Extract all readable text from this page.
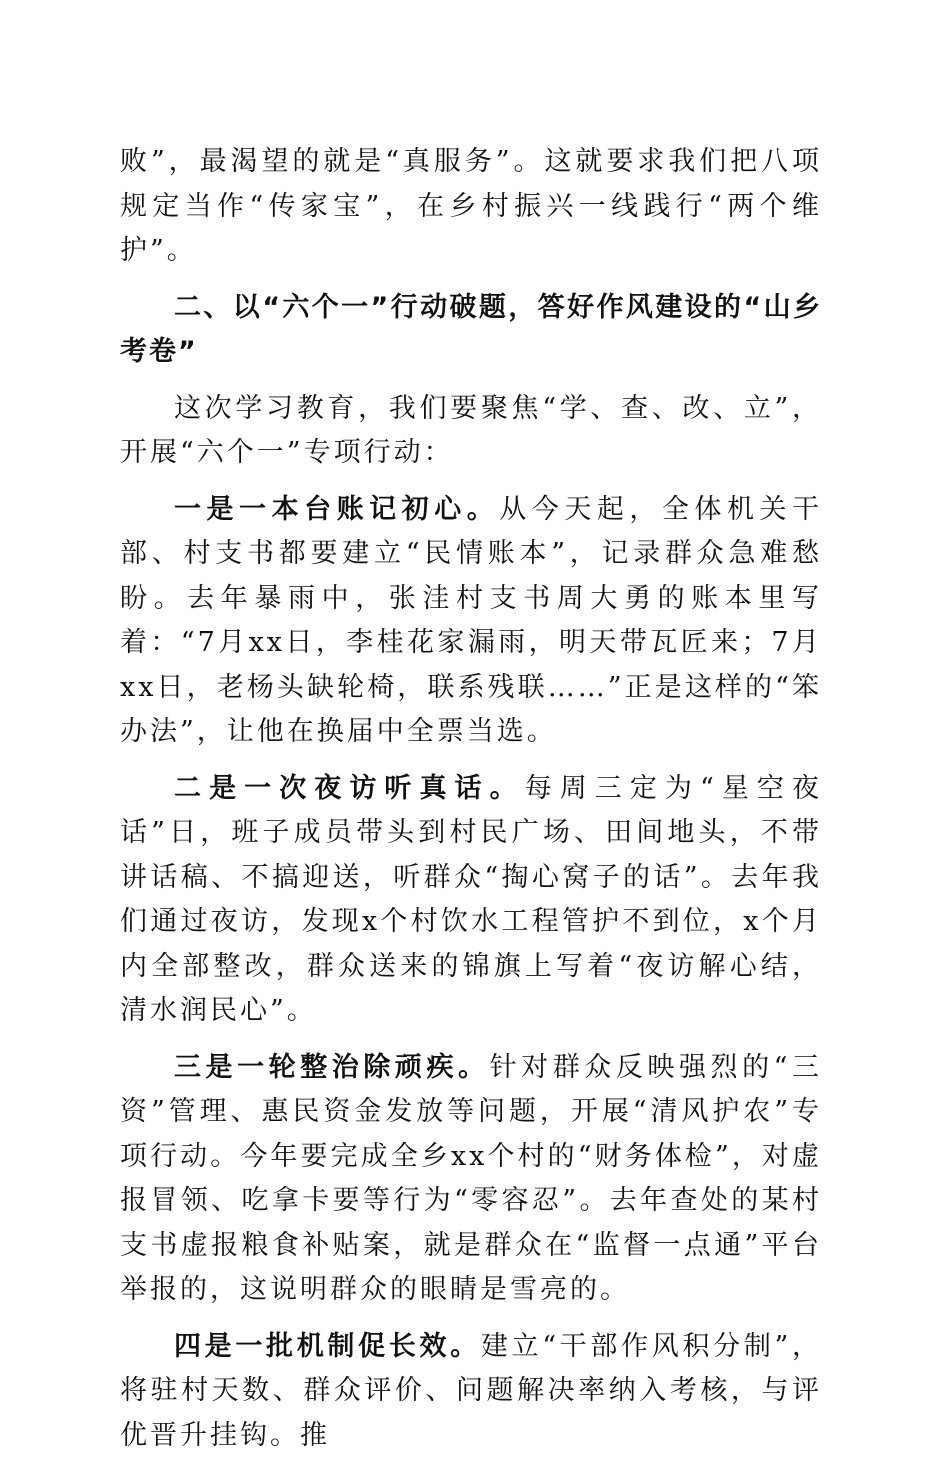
败”，最渴望的就是“真服务”。这就要求我们把八项规定当作“传家宝”，在乡村振兴一线践行“两个维护”。

二、以“六个一”行动破题，答好作风建设的“山乡考卷”

这次学习教育，我们要聚焦“学、查、改、立”，开展“六个一”专项行动：

一是一本台账记初心。从今天起，全体机关干部、村支书都要建立“民情账本”，记录群众急难愁盼。去年暴雨中，张洼村支书周大勇的账本里写着：“7月xx日，李桂花家漏雨，明天带瓦匠来；7月xx日，老杨头缺轮椅，联系残联……”正是这样的“笨办法”，让他在换届中全票当选。

二是一次夜访听真话。每周三定为“星空夜话”日，班子成员带头到村民广场、田间地头，不带讲话稿、不搞迎送，听群众“掏心窝子的话”。去年我们通过夜访，发现x个村饮水工程管护不到位，x个月内全部整改，群众送来的锦旗上写着“夜访解心结，清水润民心”。

三是一轮整治除顽疾。针对群众反映强烈的“三资”管理、惠民资金发放等问题，开展“清风护农”专项行动。今年要完成全乡xx个村的“财务体检”，对虚报冒领、吃拿卡要等行为“零容忍”。去年查处的某村支书虚报粮食补贴案，就是群众在“监督一点通”平台举报的，这说明群众的眼睛是雪亮的。

四是一批机制促长效。建立“干部作风积分制”，将驻村天数、群众评价、问题解决率纳入考核，与评优晋升挂钩。推
